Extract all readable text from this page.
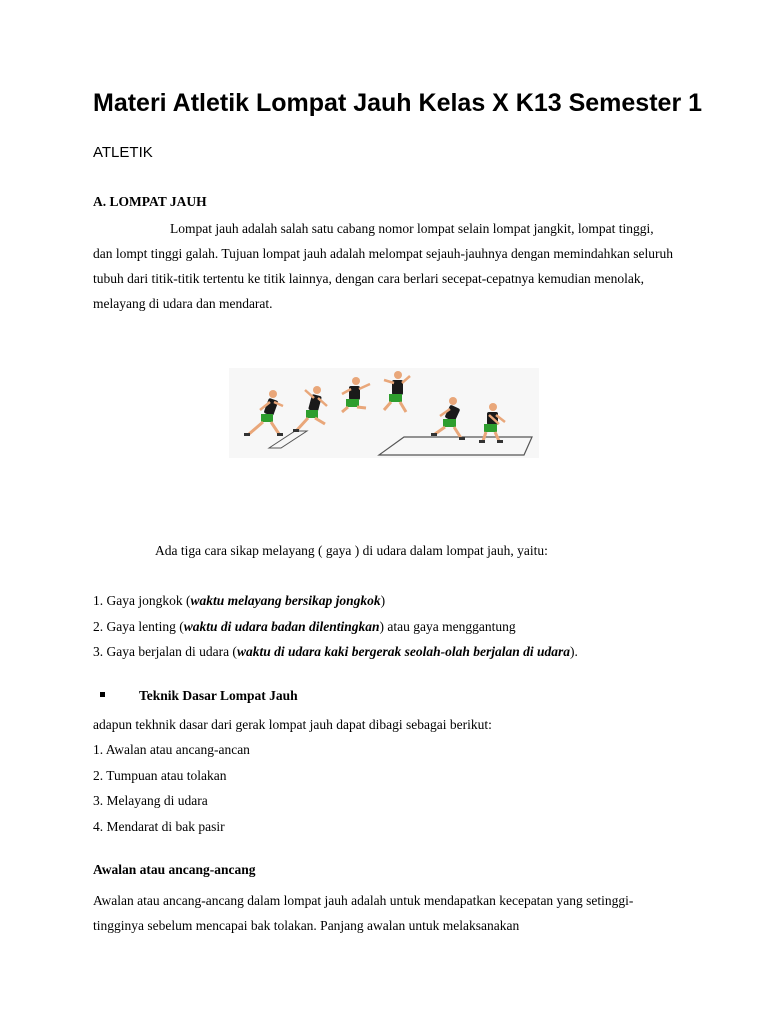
Materi Atletik Lompat Jauh Kelas X K13 Semester 1
ATLETIK
A. LOMPAT JAUH

Lompat jauh adalah salah satu cabang nomor lompat selain lompat jangkit, lompat tinggi, dan lompt tinggi galah. Tujuan lompat jauh adalah melompat sejauh-jauhnya dengan memindahkan seluruh tubuh dari titik-titik tertentu ke titik lainnya, dengan cara berlari secepat-cepatnya kemudian menolak, melayang di udara dan mendarat.

Ada tiga cara sikap melayang ( gaya ) di udara dalam lompat jauh, yaitu:
1. Gaya jongkok (waktu melayang bersikap jongkok)
2. Gaya lenting (waktu di udara badan dilentingkan) atau gaya menggantung
3. Gaya berjalan di udara (waktu di udara kaki bergerak seolah-olah berjalan di udara).
Teknik Dasar Lompat Jauh
adapun tekhnik dasar dari gerak lompat jauh dapat dibagi sebagai berikut:
1. Awalan atau ancang-ancan
2. Tumpuan atau tolakan
3. Melayang di udara
4. Mendarat di bak pasir
Awalan atau ancang-ancang

Awalan atau ancang-ancang dalam lompat jauh adalah untuk mendapatkan kecepatan yang setinggi-tingginya sebelum mencapai bak tolakan. Panjang awalan untuk melaksanakan
